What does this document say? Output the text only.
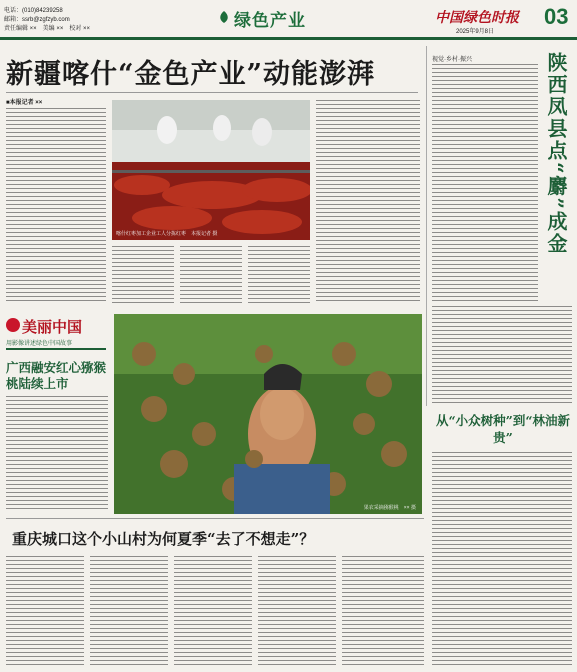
电话：(010)84239258
邮箱：ssrb@zgfzyb.com
责任编辑 ××　美编 ××　校对 ××	绿色产业	中国绿色时报
2025年9月8日
03
新疆喀什“金色产业”动能澎湃
■本报记者 ××
喀什红枣加工企业工人分拣红枣　本报记者 摄
视觉·乡村·振兴	陕西凤县点“麝”成金
美丽中国
用影像讲述绿色中国故事
广西融安红心猕猴桃陆续上市
果农采摘猕猴桃　×× 摄
从“小众树种”到“林油新贵”
重庆城口这个小山村为何夏季“去了不想走”？
